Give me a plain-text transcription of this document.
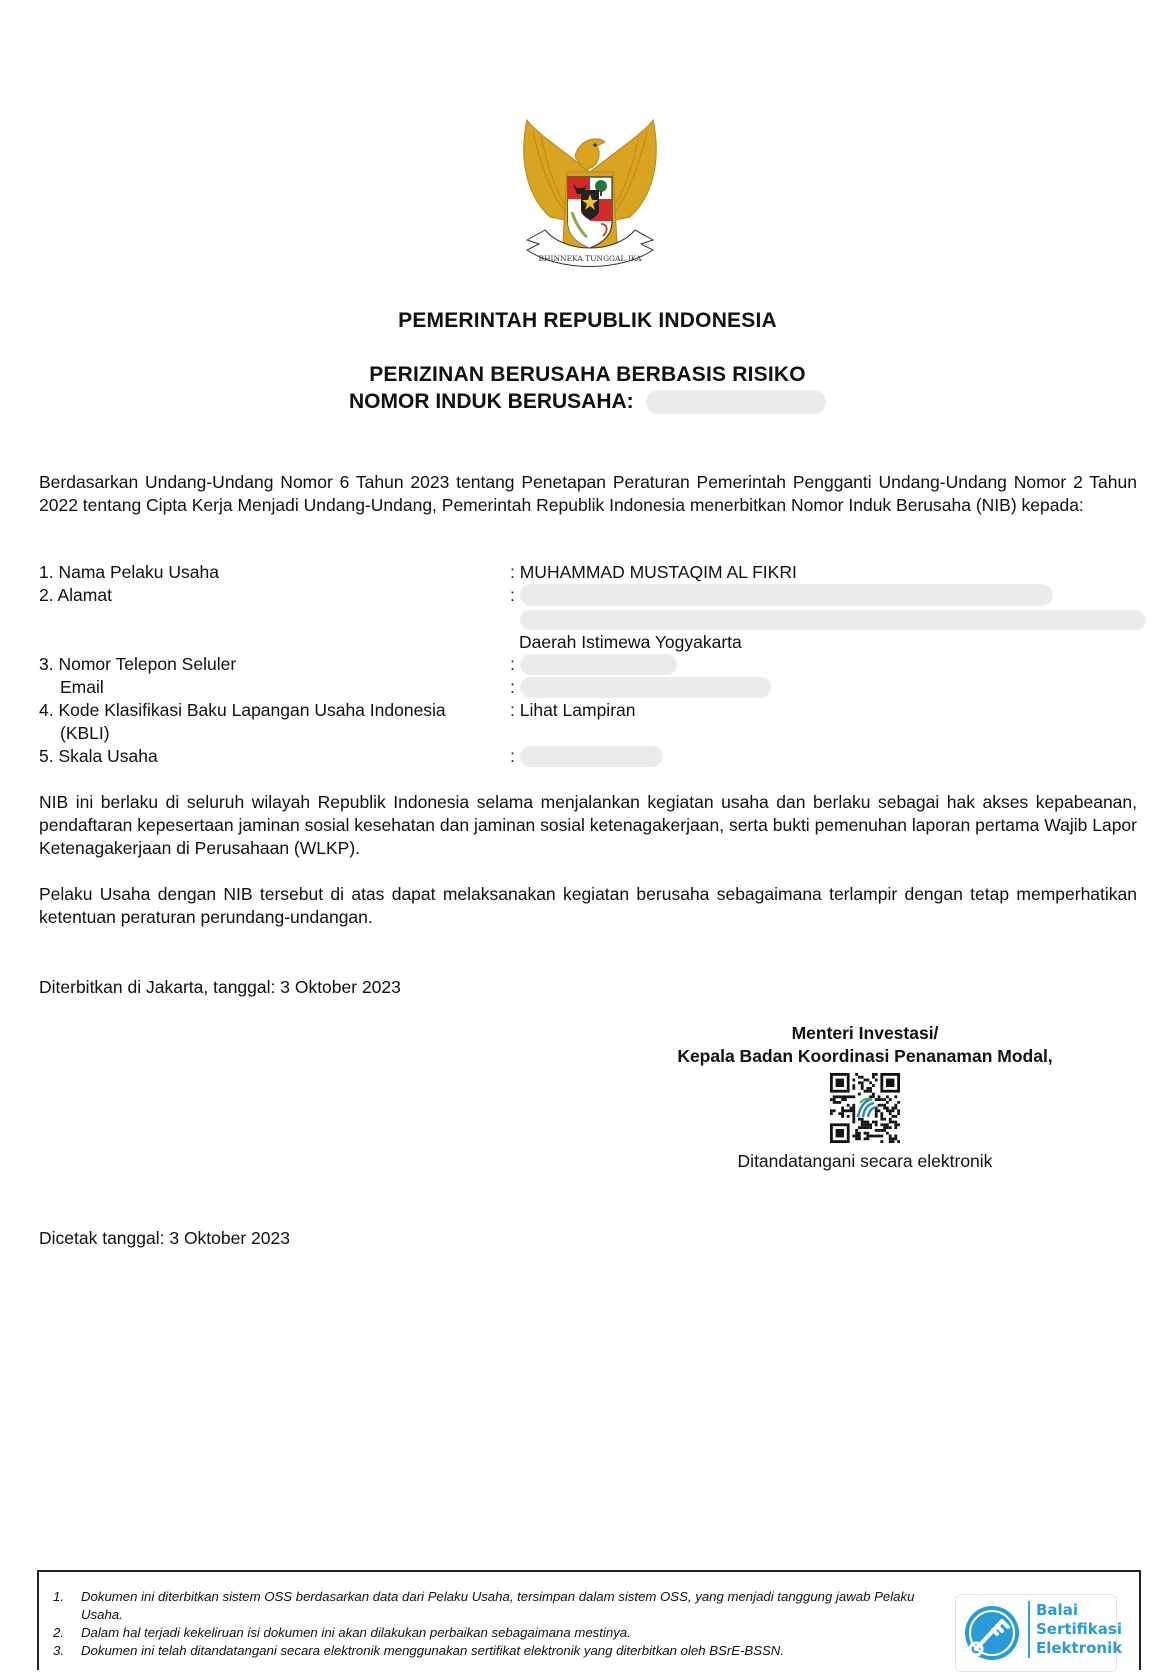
BHINNEKA TUNGGAL IKA
PEMERINTAH REPUBLIK INDONESIA
PERIZINAN BERUSAHA BERBASIS RISIKO
NOMOR INDUK BERUSAHA:
Berdasarkan Undang-Undang Nomor 6 Tahun 2023 tentang Penetapan Peraturan Pemerintah Pengganti Undang-Undang Nomor 2 Tahun 2022 tentang Cipta Kerja Menjadi Undang-Undang, Pemerintah Republik Indonesia menerbitkan Nomor Induk Berusaha (NIB) kepada:
1. Nama Pelaku Usaha	: MUHAMMAD MUSTAQIM AL FIKRI
2. Alamat	:
Daerah Istimewa Yogyakarta
3. Nomor Telepon Seluler	:
Email	:
4. Kode Klasifikasi Baku Lapangan Usaha Indonesia
(KBLI)
: Lihat Lampiran
5. Skala Usaha	:
NIB ini berlaku di seluruh wilayah Republik Indonesia selama menjalankan kegiatan usaha dan berlaku sebagai hak akses kepabeanan, pendaftaran kepesertaan jaminan sosial kesehatan dan jaminan sosial ketenagakerjaan, serta bukti pemenuhan laporan pertama Wajib Lapor Ketenagakerjaan di Perusahaan (WLKP).
Pelaku Usaha dengan NIB tersebut di atas dapat melaksanakan kegiatan berusaha sebagaimana terlampir dengan tetap memperhatikan ketentuan peraturan perundang-undangan.
Diterbitkan di Jakarta, tanggal: 3 Oktober 2023
Menteri Investasi/
Kepala Badan Koordinasi Penanaman Modal,
Ditandatangani secara elektronik
Dicetak tanggal: 3 Oktober 2023
1. Dokumen ini diterbitkan sistem OSS berdasarkan data dari Pelaku Usaha, tersimpan dalam sistem OSS, yang menjadi tanggung jawab Pelaku Usaha.
2. Dalam hal terjadi kekeliruan isi dokumen ini akan dilakukan perbaikan sebagaimana mestinya.
3. Dokumen ini telah ditandatangani secara elektronik menggunakan sertifikat elektronik yang diterbitkan oleh BSrE-BSSN.
Balai
Sertifikasi
Elektronik
